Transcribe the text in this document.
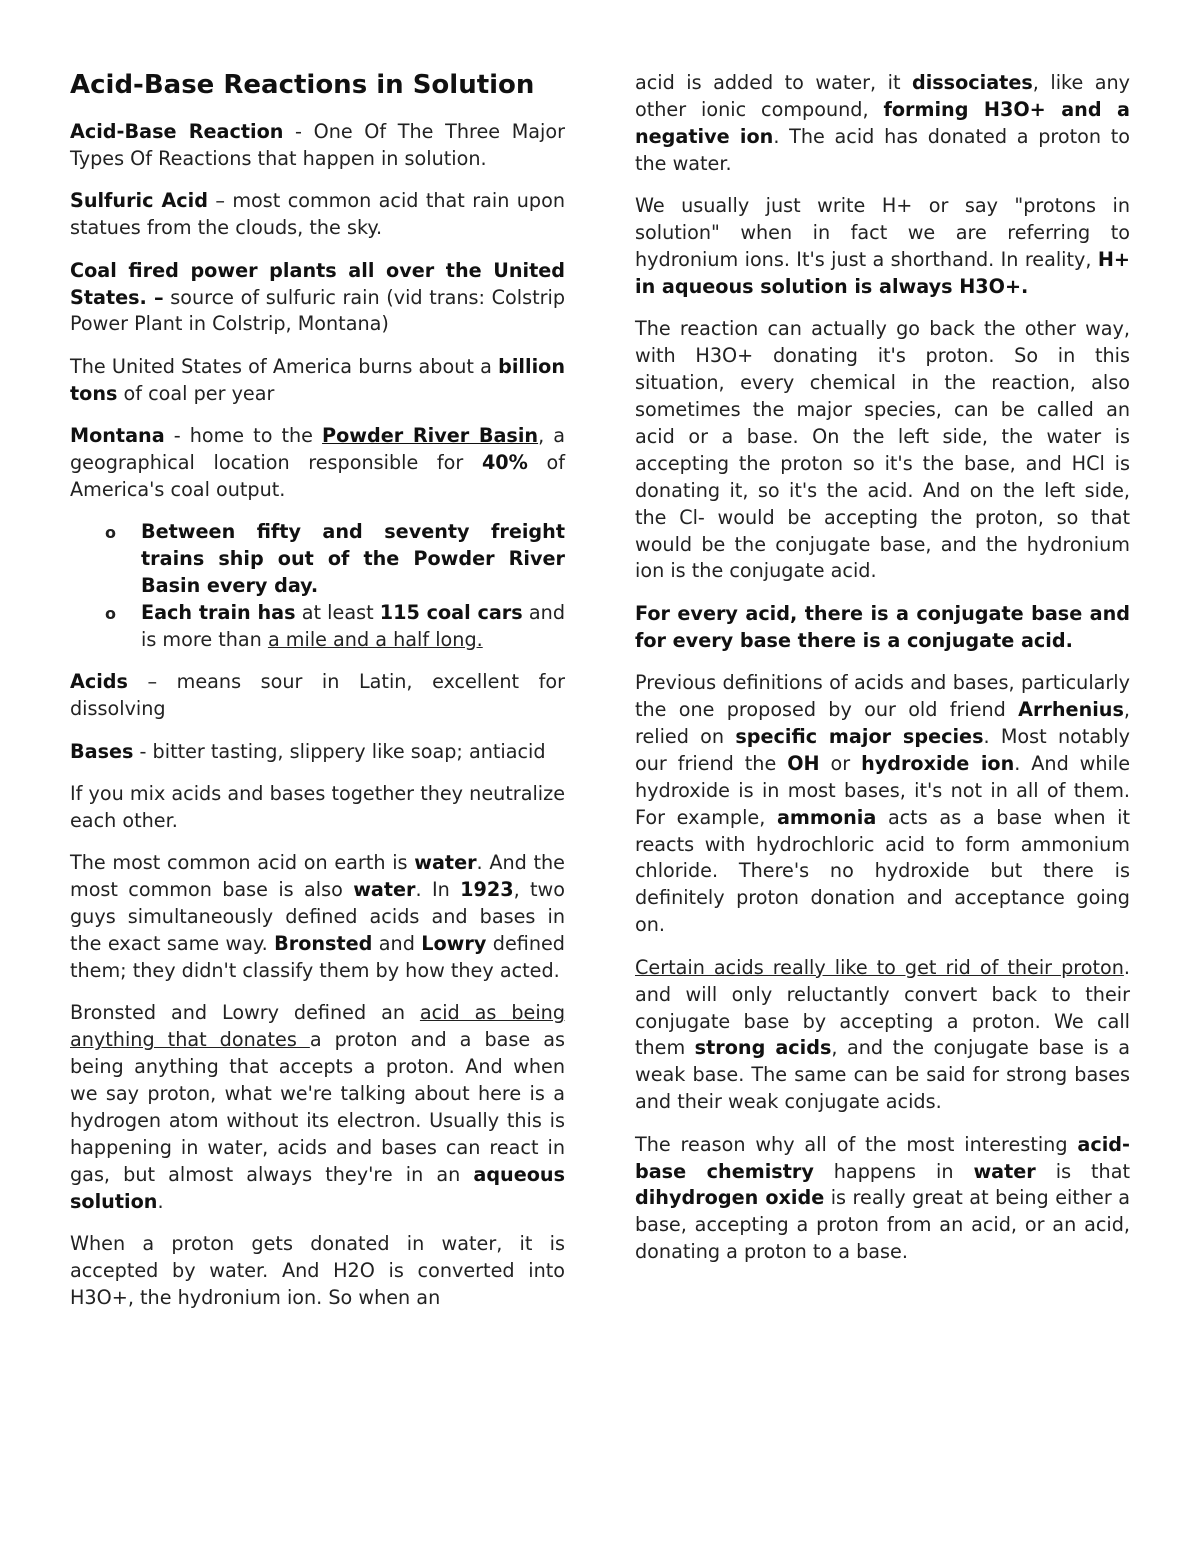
Acid-Base Reactions in Solution

Acid-Base Reaction - One Of The Three Major Types Of Reactions that happen in solution.

Sulfuric Acid – most common acid that rain upon statues from the clouds, the sky.

Coal fired power plants all over the United States. – source of sulfuric rain (vid trans: Colstrip Power Plant in Colstrip, Montana)

The United States of America burns about a billion tons of coal per year

Montana - home to the Powder River Basin, a geographical location responsible for 40% of America's coal output.

o Between fifty and seventy freight trains ship out of the Powder River Basin every day.
o Each train has at least 115 coal cars and is more than a mile and a half long.

Acids – means sour in Latin, excellent for dissolving

Bases - bitter tasting, slippery like soap; antiacid

If you mix acids and bases together they neutralize each other.

The most common acid on earth is water. And the most common base is also water. In 1923, two guys simultaneously defined acids and bases in the exact same way. Bronsted and Lowry defined them; they didn't classify them by how they acted.

Bronsted and Lowry defined an acid as being anything that donates a proton and a base as being anything that accepts a proton. And when we say proton, what we're talking about here is a hydrogen atom without its electron. Usually this is happening in water, acids and bases can react in gas, but almost always they're in an aqueous solution.

When a proton gets donated in water, it is accepted by water. And H2O is converted into H3O+, the hydronium ion. So when an

acid is added to water, it dissociates, like any other ionic compound, forming H3O+ and a negative ion. The acid has donated a proton to the water.

We usually just write H+ or say "protons in solution" when in fact we are referring to hydronium ions. It's just a shorthand. In reality, H+ in aqueous solution is always H3O+.

The reaction can actually go back the other way, with H3O+ donating it's proton. So in this situation, every chemical in the reaction, also sometimes the major species, can be called an acid or a base. On the left side, the water is accepting the proton so it's the base, and HCl is donating it, so it's the acid. And on the left side, the Cl- would be accepting the proton, so that would be the conjugate base, and the hydronium ion is the conjugate acid.

For every acid, there is a conjugate base and for every base there is a conjugate acid.

Previous definitions of acids and bases, particularly the one proposed by our old friend Arrhenius, relied on specific major species. Most notably our friend the OH or hydroxide ion. And while hydroxide is in most bases, it's not in all of them. For example, ammonia acts as a base when it reacts with hydrochloric acid to form ammonium chloride. There's no hydroxide but there is definitely proton donation and acceptance going on.

Certain acids really like to get rid of their proton. and will only reluctantly convert back to their conjugate base by accepting a proton. We call them strong acids, and the conjugate base is a weak base. The same can be said for strong bases and their weak conjugate acids.

The reason why all of the most interesting acid-base chemistry happens in water is that dihydrogen oxide is really great at being either a base, accepting a proton from an acid, or an acid, donating a proton to a base.
